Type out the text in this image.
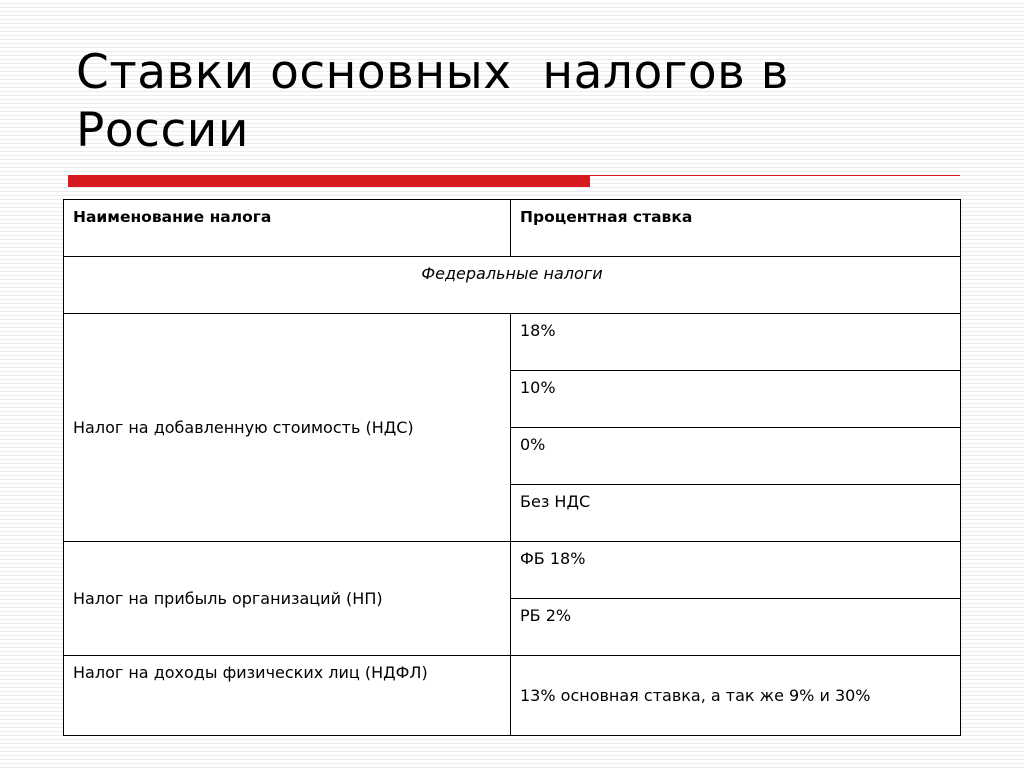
Ставки основных  налогов в России
Наименование налога	Процентная ставка
Федеральные налоги	
Налог на добавленную стоимость (НДС)	18%
	10%
	0%
	Без НДС
Налог на прибыль организаций (НП)	ФБ 18%
	РБ 2%
Налог на доходы физических лиц (НДФЛ)	13% основная ставка, а так же 9% и 30%
